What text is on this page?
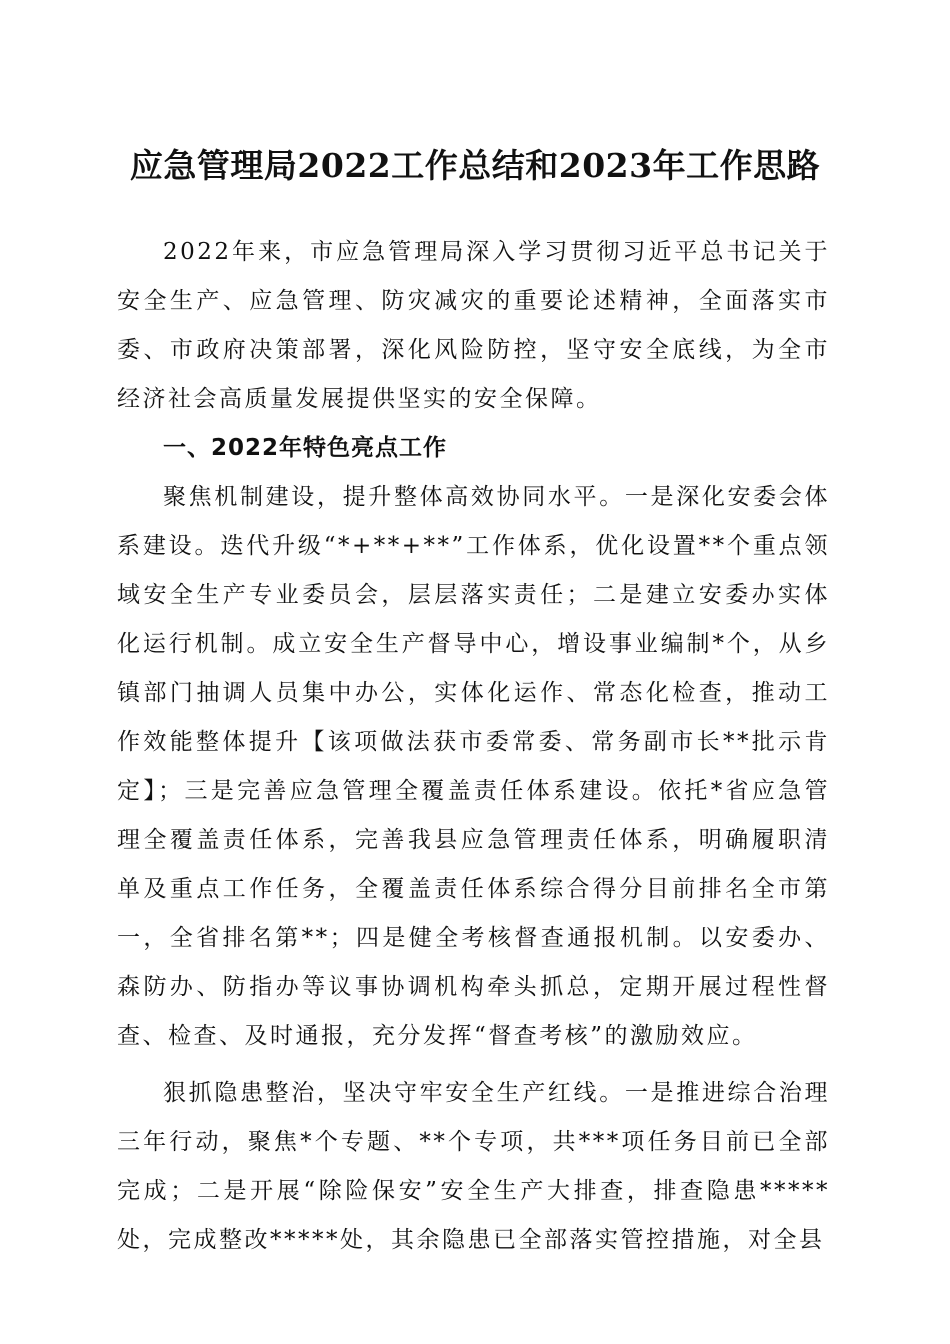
应急管理局2022工作总结和2023年工作思路

2022年来，市应急管理局深入学习贯彻习近平总书记关于安全生产、应急管理、防灾减灾的重要论述精神，全面落实市委、市政府决策部署，深化风险防控，坚守安全底线，为全市经济社会高质量发展提供坚实的安全保障。

一、2022年特色亮点工作

聚焦机制建设，提升整体高效协同水平。一是深化安委会体系建设。迭代升级“*+**+**”工作体系，优化设置**个重点领域安全生产专业委员会，层层落实责任；二是建立安委办实体化运行机制。成立安全生产督导中心，增设事业编制*个，从乡镇部门抽调人员集中办公，实体化运作、常态化检查，推动工作效能整体提升【该项做法获市委常委、常务副市长**批示肯定】；三是完善应急管理全覆盖责任体系建设。依托*省应急管理全覆盖责任体系，完善我县应急管理责任体系，明确履职清单及重点工作任务，全覆盖责任体系综合得分目前排名全市第一，全省排名第**；四是健全考核督查通报机制。以安委办、森防办、防指办等议事协调机构牵头抓总，定期开展过程性督查、检查、及时通报，充分发挥“督查考核”的激励效应。

狠抓隐患整治，坚决守牢安全生产红线。一是推进综合治理三年行动，聚焦*个专题、**个专项，共***项任务目前已全部完成；二是开展“除险保安”安全生产大排查，排查隐患*****处，完成整改*****处，其余隐患已全部落实管控措施，对全县
